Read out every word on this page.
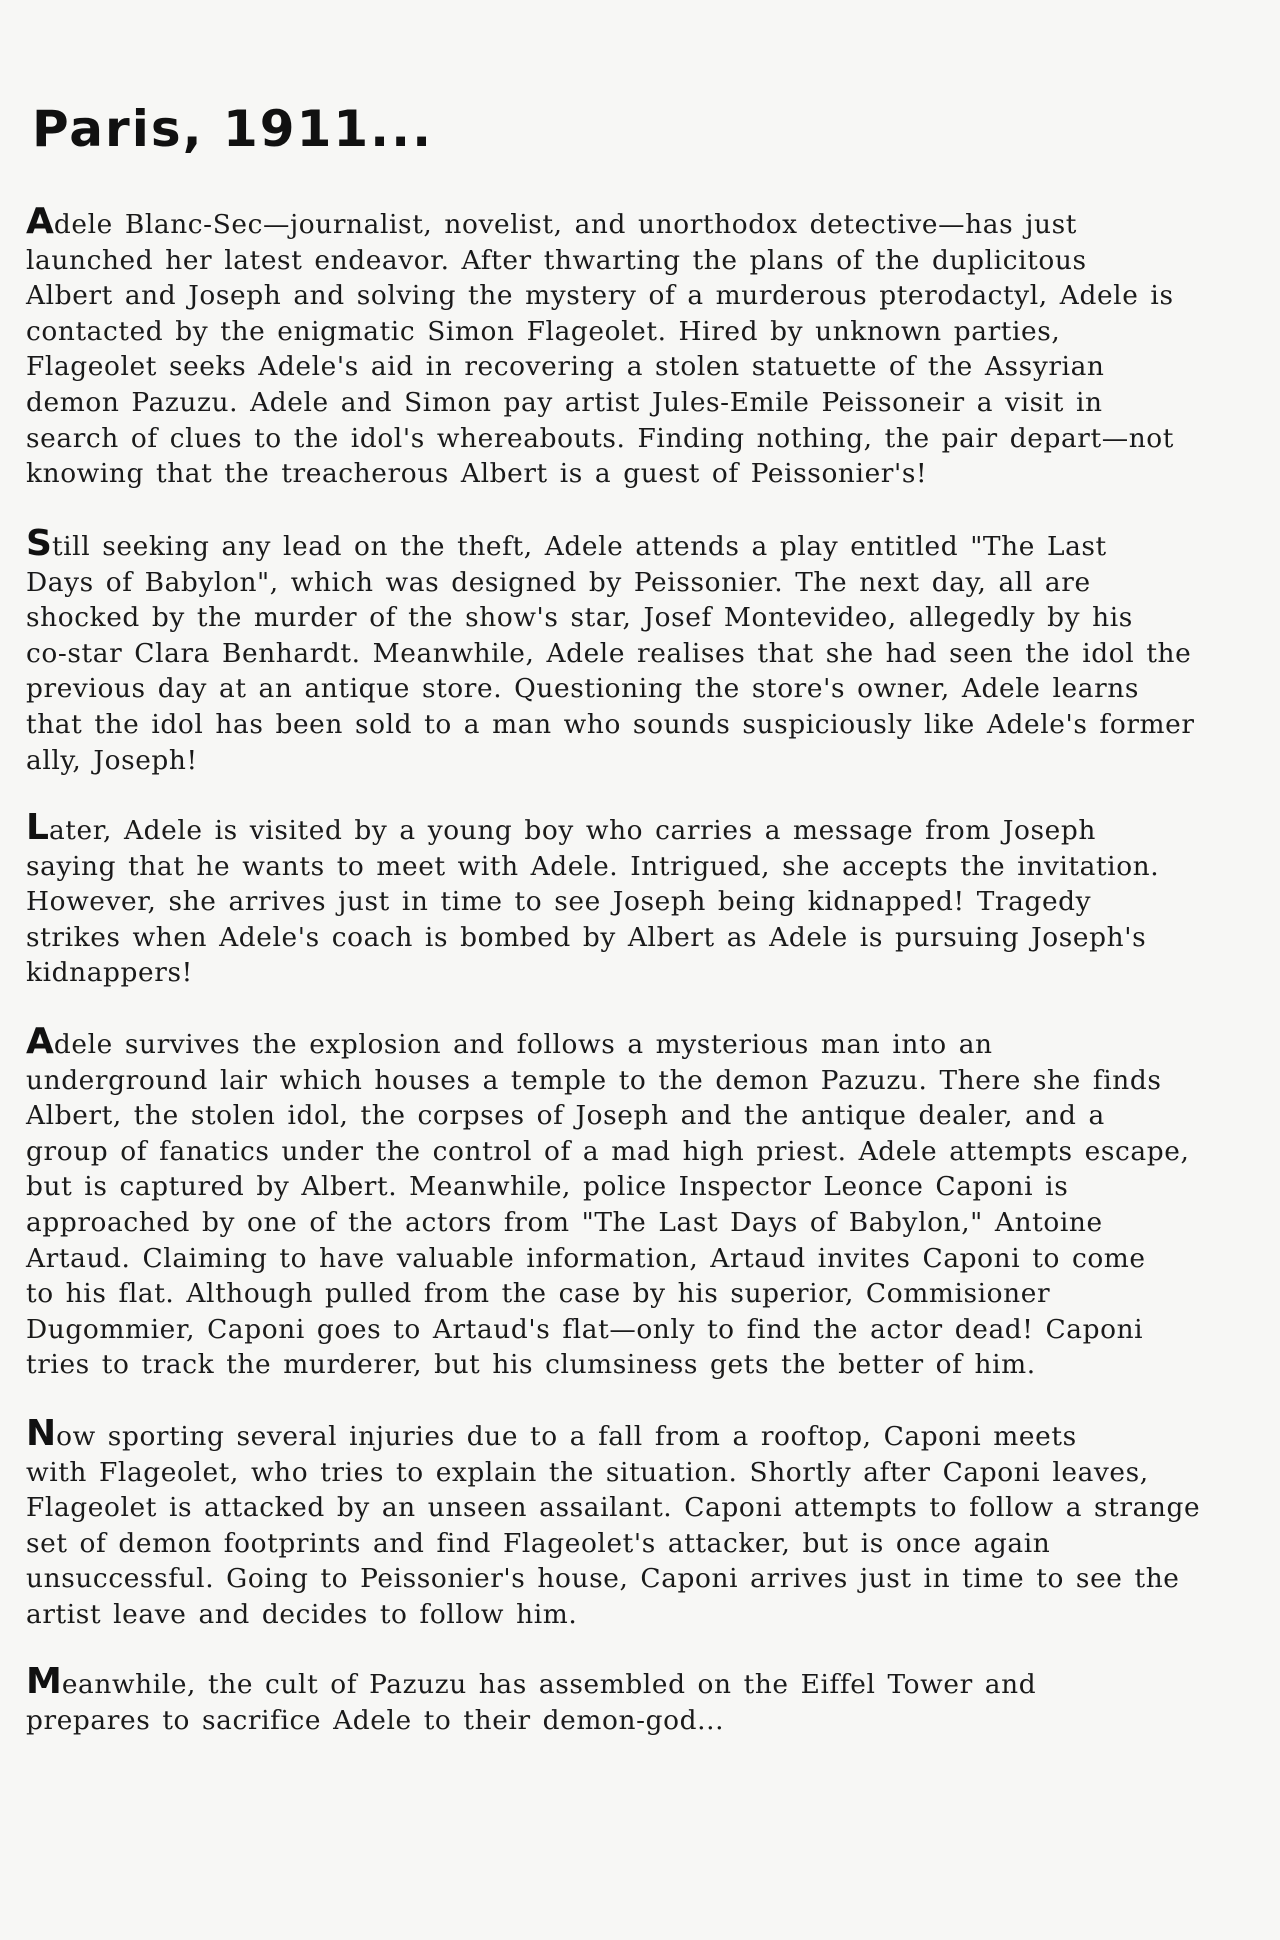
Paris, 1911...
Adele Blanc-Sec—journalist, novelist, and unorthodox detective—has just
launched her latest endeavor. After thwarting the plans of the duplicitous
Albert and Joseph and solving the mystery of a murderous pterodactyl, Adele is
contacted by the enigmatic Simon Flageolet. Hired by unknown parties,
Flageolet seeks Adele's aid in recovering a stolen statuette of the Assyrian
demon Pazuzu. Adele and Simon pay artist Jules-Emile Peissoneir a visit in
search of clues to the idol's whereabouts. Finding nothing, the pair depart—not
knowing that the treacherous Albert is a guest of Peissonier's!
Still seeking any lead on the theft, Adele attends a play entitled "The Last
Days of Babylon", which was designed by Peissonier. The next day, all are
shocked by the murder of the show's star, Josef Montevideo, allegedly by his
co-star Clara Benhardt. Meanwhile, Adele realises that she had seen the idol the
previous day at an antique store. Questioning the store's owner, Adele learns
that the idol has been sold to a man who sounds suspiciously like Adele's former
ally, Joseph!
Later, Adele is visited by a young boy who carries a message from Joseph
saying that he wants to meet with Adele. Intrigued, she accepts the invitation.
However, she arrives just in time to see Joseph being kidnapped! Tragedy
strikes when Adele's coach is bombed by Albert as Adele is pursuing Joseph's
kidnappers!
Adele survives the explosion and follows a mysterious man into an
underground lair which houses a temple to the demon Pazuzu. There she finds
Albert, the stolen idol, the corpses of Joseph and the antique dealer, and a
group of fanatics under the control of a mad high priest. Adele attempts escape,
but is captured by Albert. Meanwhile, police Inspector Leonce Caponi is
approached by one of the actors from "The Last Days of Babylon," Antoine
Artaud. Claiming to have valuable information, Artaud invites Caponi to come
to his flat. Although pulled from the case by his superior, Commisioner
Dugommier, Caponi goes to Artaud's flat—only to find the actor dead! Caponi
tries to track the murderer, but his clumsiness gets the better of him.
Now sporting several injuries due to a fall from a rooftop, Caponi meets
with Flageolet, who tries to explain the situation. Shortly after Caponi leaves,
Flageolet is attacked by an unseen assailant. Caponi attempts to follow a strange
set of demon footprints and find Flageolet's attacker, but is once again
unsuccessful. Going to Peissonier's house, Caponi arrives just in time to see the
artist leave and decides to follow him.
Meanwhile, the cult of Pazuzu has assembled on the Eiffel Tower and
prepares to sacrifice Adele to their demon-god...
